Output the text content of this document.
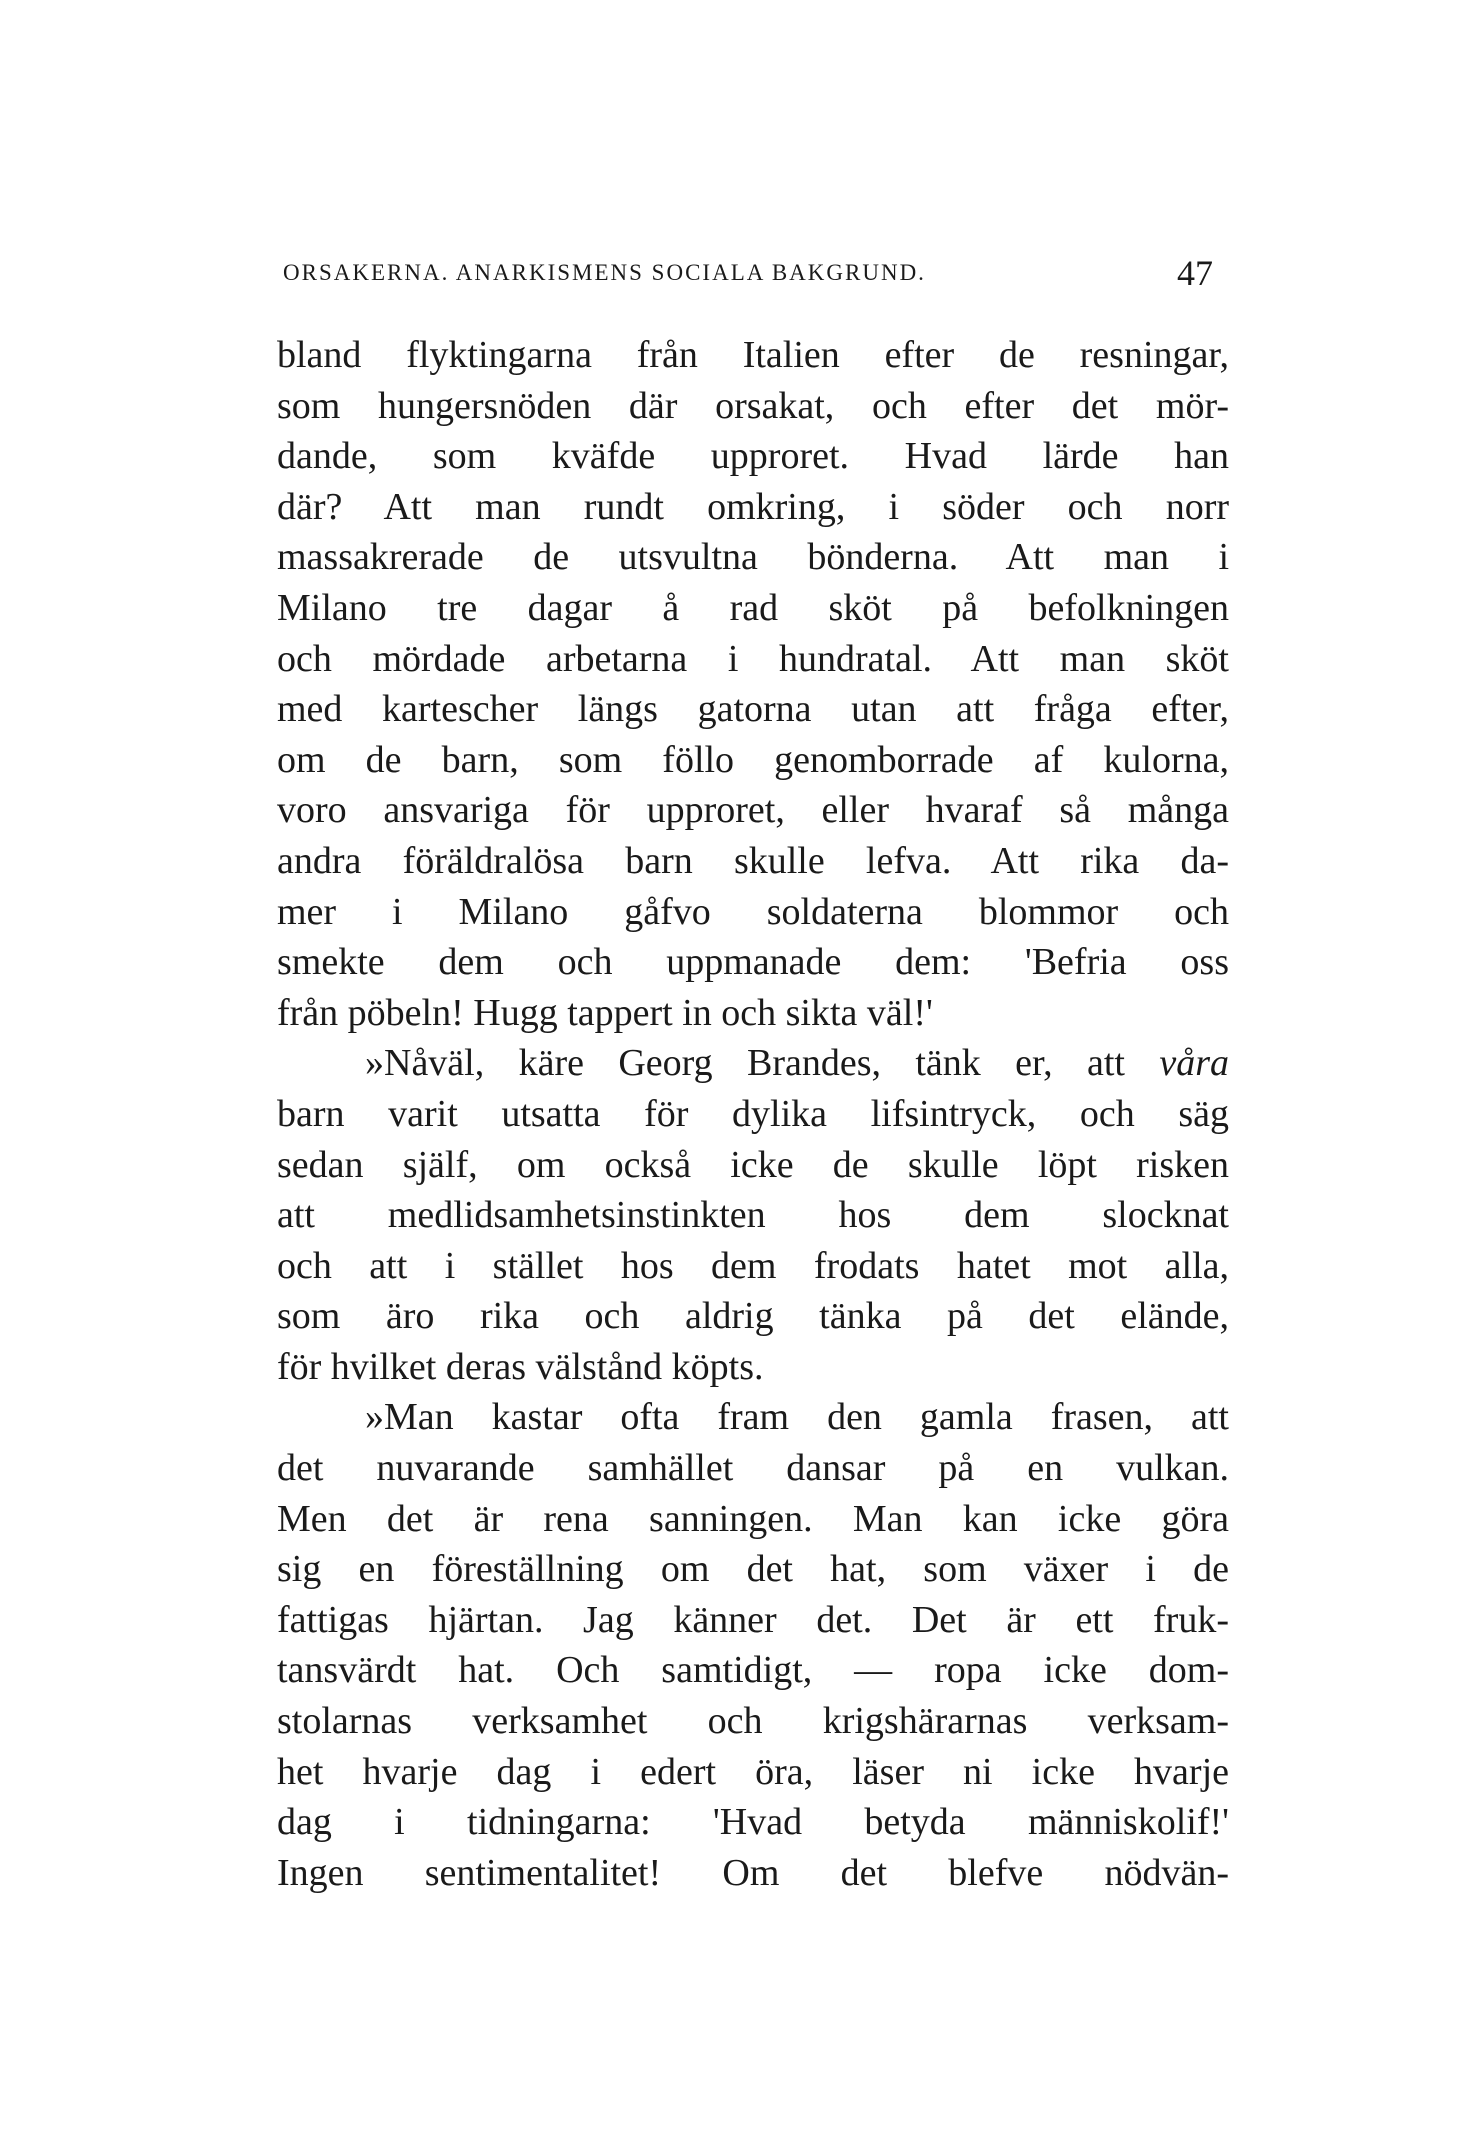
ORSAKERNA. ANARKISMENS SOCIALA BAKGRUND.	47
bland flyktingarna från Italien efter de resningar,
som hungersnöden där orsakat, och efter det mör-
dande, som kväfde upproret. Hvad lärde han
där? Att man rundt omkring, i söder och norr
massakrerade de utsvultna bönderna. Att man i
Milano tre dagar å rad sköt på befolkningen
och mördade arbetarna i hundratal. Att man sköt
med kartescher längs gatorna utan att fråga efter,
om de barn, som föllo genomborrade af kulorna,
voro ansvariga för upproret, eller hvaraf så många
andra föräldralösa barn skulle lefva. Att rika da-
mer i Milano gåfvo soldaterna blommor och
smekte dem och uppmanade dem: 'Befria oss
från pöbeln! Hugg tappert in och sikta väl!'
»Nåväl, käre Georg Brandes, tänk er, att våra
barn varit utsatta för dylika lifsintryck, och säg
sedan själf, om också icke de skulle löpt risken
att medlidsamhetsinstinkten hos dem slocknat
och att i stället hos dem frodats hatet mot alla,
som äro rika och aldrig tänka på det elände,
för hvilket deras välstånd köpts.
»Man kastar ofta fram den gamla frasen, att
det nuvarande samhället dansar på en vulkan.
Men det är rena sanningen. Man kan icke göra
sig en föreställning om det hat, som växer i de
fattigas hjärtan. Jag känner det. Det är ett fruk-
tansvärdt hat. Och samtidigt, — ropa icke dom-
stolarnas verksamhet och krigshärarnas verksam-
het hvarje dag i edert öra, läser ni icke hvarje
dag i tidningarna: 'Hvad betyda människolif!'
Ingen sentimentalitet! Om det blefve nödvän-
